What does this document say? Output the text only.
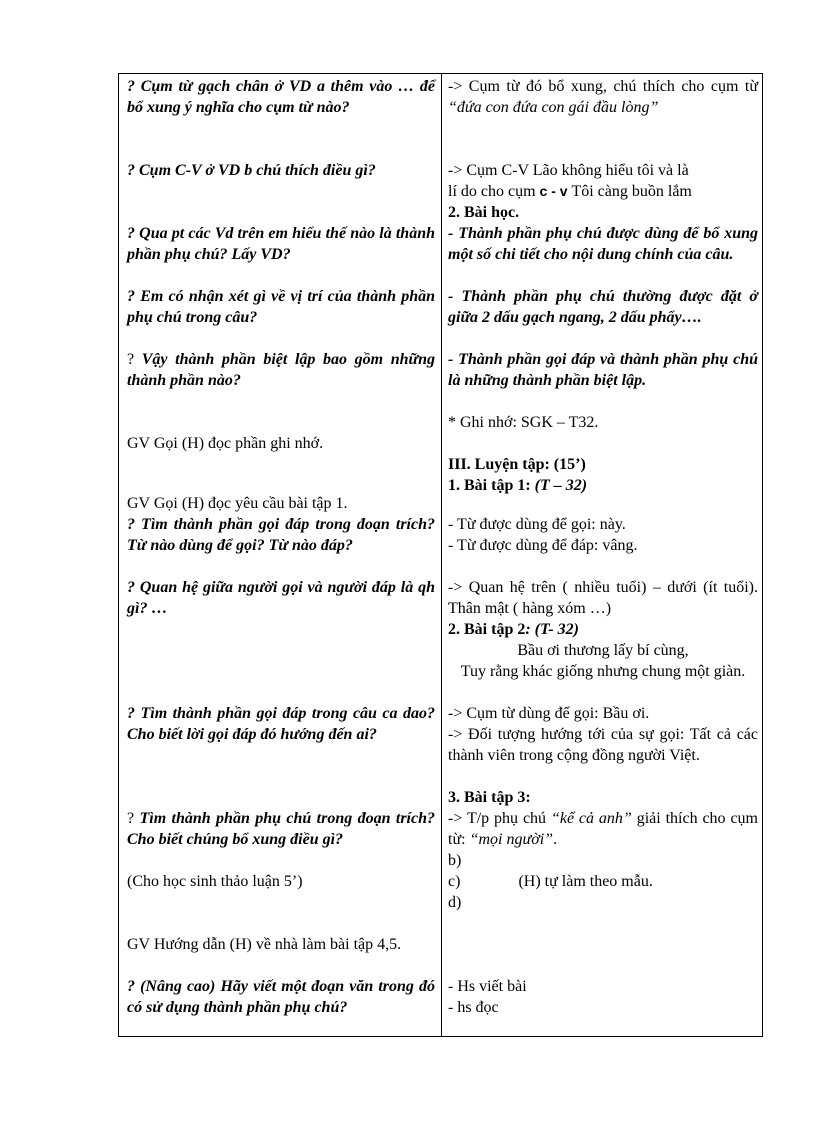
? Cụm từ gạch chân ở VD a thêm vào … để bổ xung ý nghĩa cho cụm từ nào?

? Cụm C-V ở VD b chú thích điều gì?

? Qua pt các Vd trên em hiểu thế nào là thành phần phụ chú? Lấy VD?

? Em có nhận xét gì về vị trí của thành phần phụ chú trong câu?

? Vậy thành phần biệt lập bao gồm những thành phần nào?

GV Gọi (H) đọc phần ghi nhớ.

GV Gọi (H) đọc yêu cầu bài tập 1.

? Tìm thành phần gọi đáp trong đoạn trích? Từ nào dùng để gọi? Từ nào đáp?

? Quan hệ giữa người gọi và người đáp là qh gì? …

? Tìm thành phần gọi đáp trong câu ca dao? Cho biết lời gọi đáp đó hướng đến ai?

? Tìm thành phần phụ chú trong đoạn trích? Cho biết chúng bổ xung điều gì?

(Cho học sinh thảo luận 5’)

GV Hướng dẫn (H) về nhà làm bài tập 4,5.

? (Nâng cao) Hãy viết một đoạn văn trong đó có sử dụng thành phần phụ chú?

-> Cụm từ đó bổ xung, chú thích cho cụm từ “đứa con đứa con gái đầu lòng”

-> Cụm C-V Lão không hiểu tôi và là

lí do cho cụm c - v Tôi càng buồn lắm

2. Bài học.

- Thành phần phụ chú được dùng để bổ xung một số chi tiết cho nội dung chính của câu.

- Thành phần phụ chú thường được đặt ở giữa 2 dấu gạch ngang, 2 dấu phẩy….

- Thành phần gọi đáp và thành phần phụ chú là những thành phần biệt lập.

* Ghi nhớ: SGK – T32.

III. Luyện tập: (15’)

1. Bài tập 1: (T – 32)

- Từ được dùng để gọi: này.

- Từ được dùng để đáp: vâng.

-> Quan hệ trên ( nhiều tuổi) – dưới (ít tuổi). Thân mật ( hàng xóm …)

2. Bài tập 2: (T- 32)

Bầu ơi thương lấy bí cùng,

Tuy rằng khác giống nhưng chung một giàn.

-> Cụm từ dùng để gọi: Bầu ơi.

-> Đối tượng hướng tới của sự gọi: Tất cả các thành viên trong cộng đồng người Việt.

3. Bài tập 3:

-> T/p phụ chú “kể cả anh” giải thích cho cụm từ: “mọi người”.

b)

c)	(H) tự làm theo mẫu.

d)

- Hs viết bài

- hs đọc
